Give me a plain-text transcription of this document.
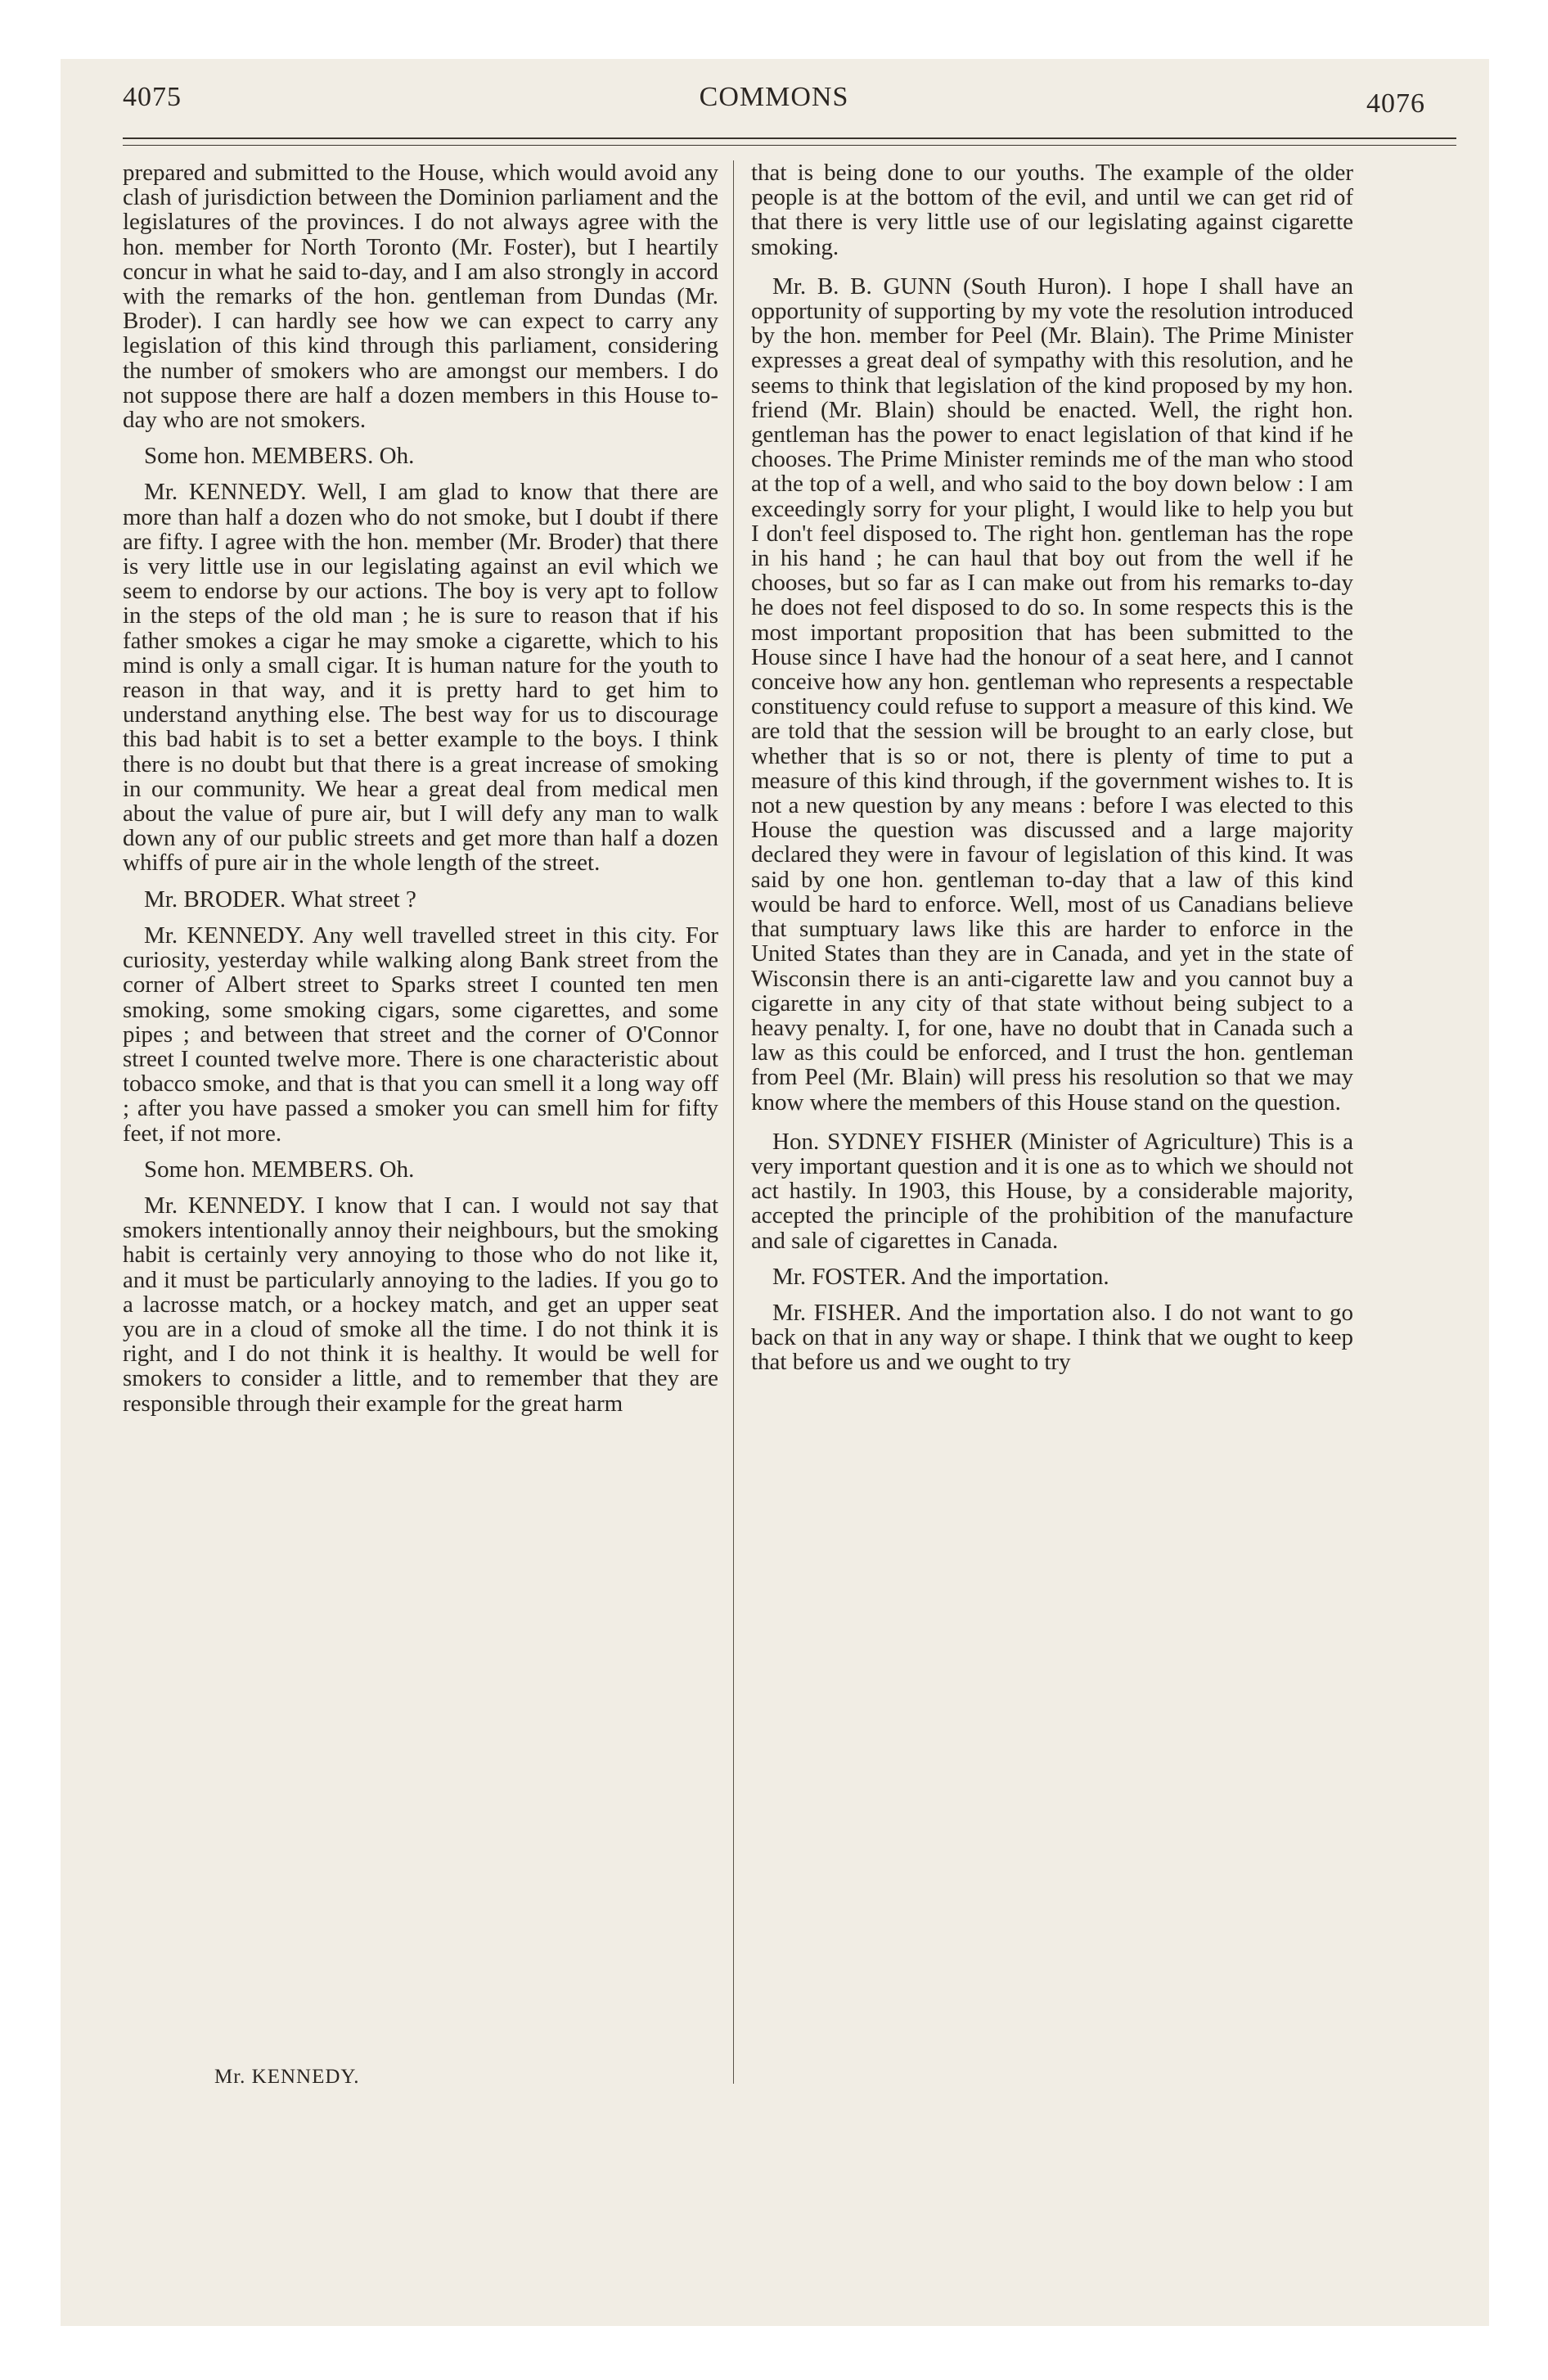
4075	COMMONS	4076

prepared and submitted to the House, which would avoid any clash of jurisdiction between the Dominion parliament and the legislatures of the provinces. I do not always agree with the hon. member for North Toronto (Mr. Foster), but I heartily concur in what he said to-day, and I am also strongly in accord with the remarks of the hon. gentleman from Dundas (Mr. Broder). I can hardly see how we can expect to carry any legislation of this kind through this parliament, considering the number of smokers who are amongst our members. I do not suppose there are half a dozen members in this House to-day who are not smokers.

Some hon. MEMBERS. Oh.

Mr. KENNEDY. Well, I am glad to know that there are more than half a dozen who do not smoke, but I doubt if there are fifty. I agree with the hon. member (Mr. Broder) that there is very little use in our legislating against an evil which we seem to endorse by our actions. The boy is very apt to follow in the steps of the old man ; he is sure to reason that if his father smokes a cigar he may smoke a cigarette, which to his mind is only a small cigar. It is human nature for the youth to reason in that way, and it is pretty hard to get him to understand anything else. The best way for us to discourage this bad habit is to set a better example to the boys. I think there is no doubt but that there is a great increase of smoking in our community. We hear a great deal from medical men about the value of pure air, but I will defy any man to walk down any of our public streets and get more than half a dozen whiffs of pure air in the whole length of the street.

Mr. BRODER. What street ?

Mr. KENNEDY. Any well travelled street in this city. For curiosity, yesterday while walking along Bank street from the corner of Albert street to Sparks street I counted ten men smoking, some smoking cigars, some cigarettes, and some pipes ; and between that street and the corner of O'Connor street I counted twelve more. There is one characteristic about tobacco smoke, and that is that you can smell it a long way off ; after you have passed a smoker you can smell him for fifty feet, if not more.

Some hon. MEMBERS. Oh.

Mr. KENNEDY. I know that I can. I would not say that smokers intentionally annoy their neighbours, but the smoking habit is certainly very annoying to those who do not like it, and it must be particularly annoying to the ladies. If you go to a lacrosse match, or a hockey match, and get an upper seat you are in a cloud of smoke all the time. I do not think it is right, and I do not think it is healthy. It would be well for smokers to consider a little, and to remember that they are responsible through their example for the great harm

that is being done to our youths. The example of the older people is at the bottom of the evil, and until we can get rid of that there is very little use of our legislating against cigarette smoking.

Mr. B. B. GUNN (South Huron). I hope I shall have an opportunity of supporting by my vote the resolution introduced by the hon. member for Peel (Mr. Blain). The Prime Minister expresses a great deal of sympathy with this resolution, and he seems to think that legislation of the kind proposed by my hon. friend (Mr. Blain) should be enacted. Well, the right hon. gentleman has the power to enact legislation of that kind if he chooses. The Prime Minister reminds me of the man who stood at the top of a well, and who said to the boy down below : I am exceedingly sorry for your plight, I would like to help you but I don't feel disposed to. The right hon. gentleman has the rope in his hand ; he can haul that boy out from the well if he chooses, but so far as I can make out from his remarks to-day he does not feel disposed to do so. In some respects this is the most important proposition that has been submitted to the House since I have had the honour of a seat here, and I cannot conceive how any hon. gentleman who represents a respectable constituency could refuse to support a measure of this kind. We are told that the session will be brought to an early close, but whether that is so or not, there is plenty of time to put a measure of this kind through, if the government wishes to. It is not a new question by any means : before I was elected to this House the question was discussed and a large majority declared they were in favour of legislation of this kind. It was said by one hon. gentleman to-day that a law of this kind would be hard to enforce. Well, most of us Canadians believe that sumptuary laws like this are harder to enforce in the United States than they are in Canada, and yet in the state of Wisconsin there is an anti-cigarette law and you cannot buy a cigarette in any city of that state without being subject to a heavy penalty. I, for one, have no doubt that in Canada such a law as this could be enforced, and I trust the hon. gentleman from Peel (Mr. Blain) will press his resolution so that we may know where the members of this House stand on the question.

Hon. SYDNEY FISHER (Minister of Agriculture) This is a very important question and it is one as to which we should not act hastily. In 1903, this House, by a considerable majority, accepted the principle of the prohibition of the manufacture and sale of cigarettes in Canada.

Mr. FOSTER. And the importation.

Mr. FISHER. And the importation also. I do not want to go back on that in any way or shape. I think that we ought to keep that before us and we ought to try

Mr. KENNEDY.
